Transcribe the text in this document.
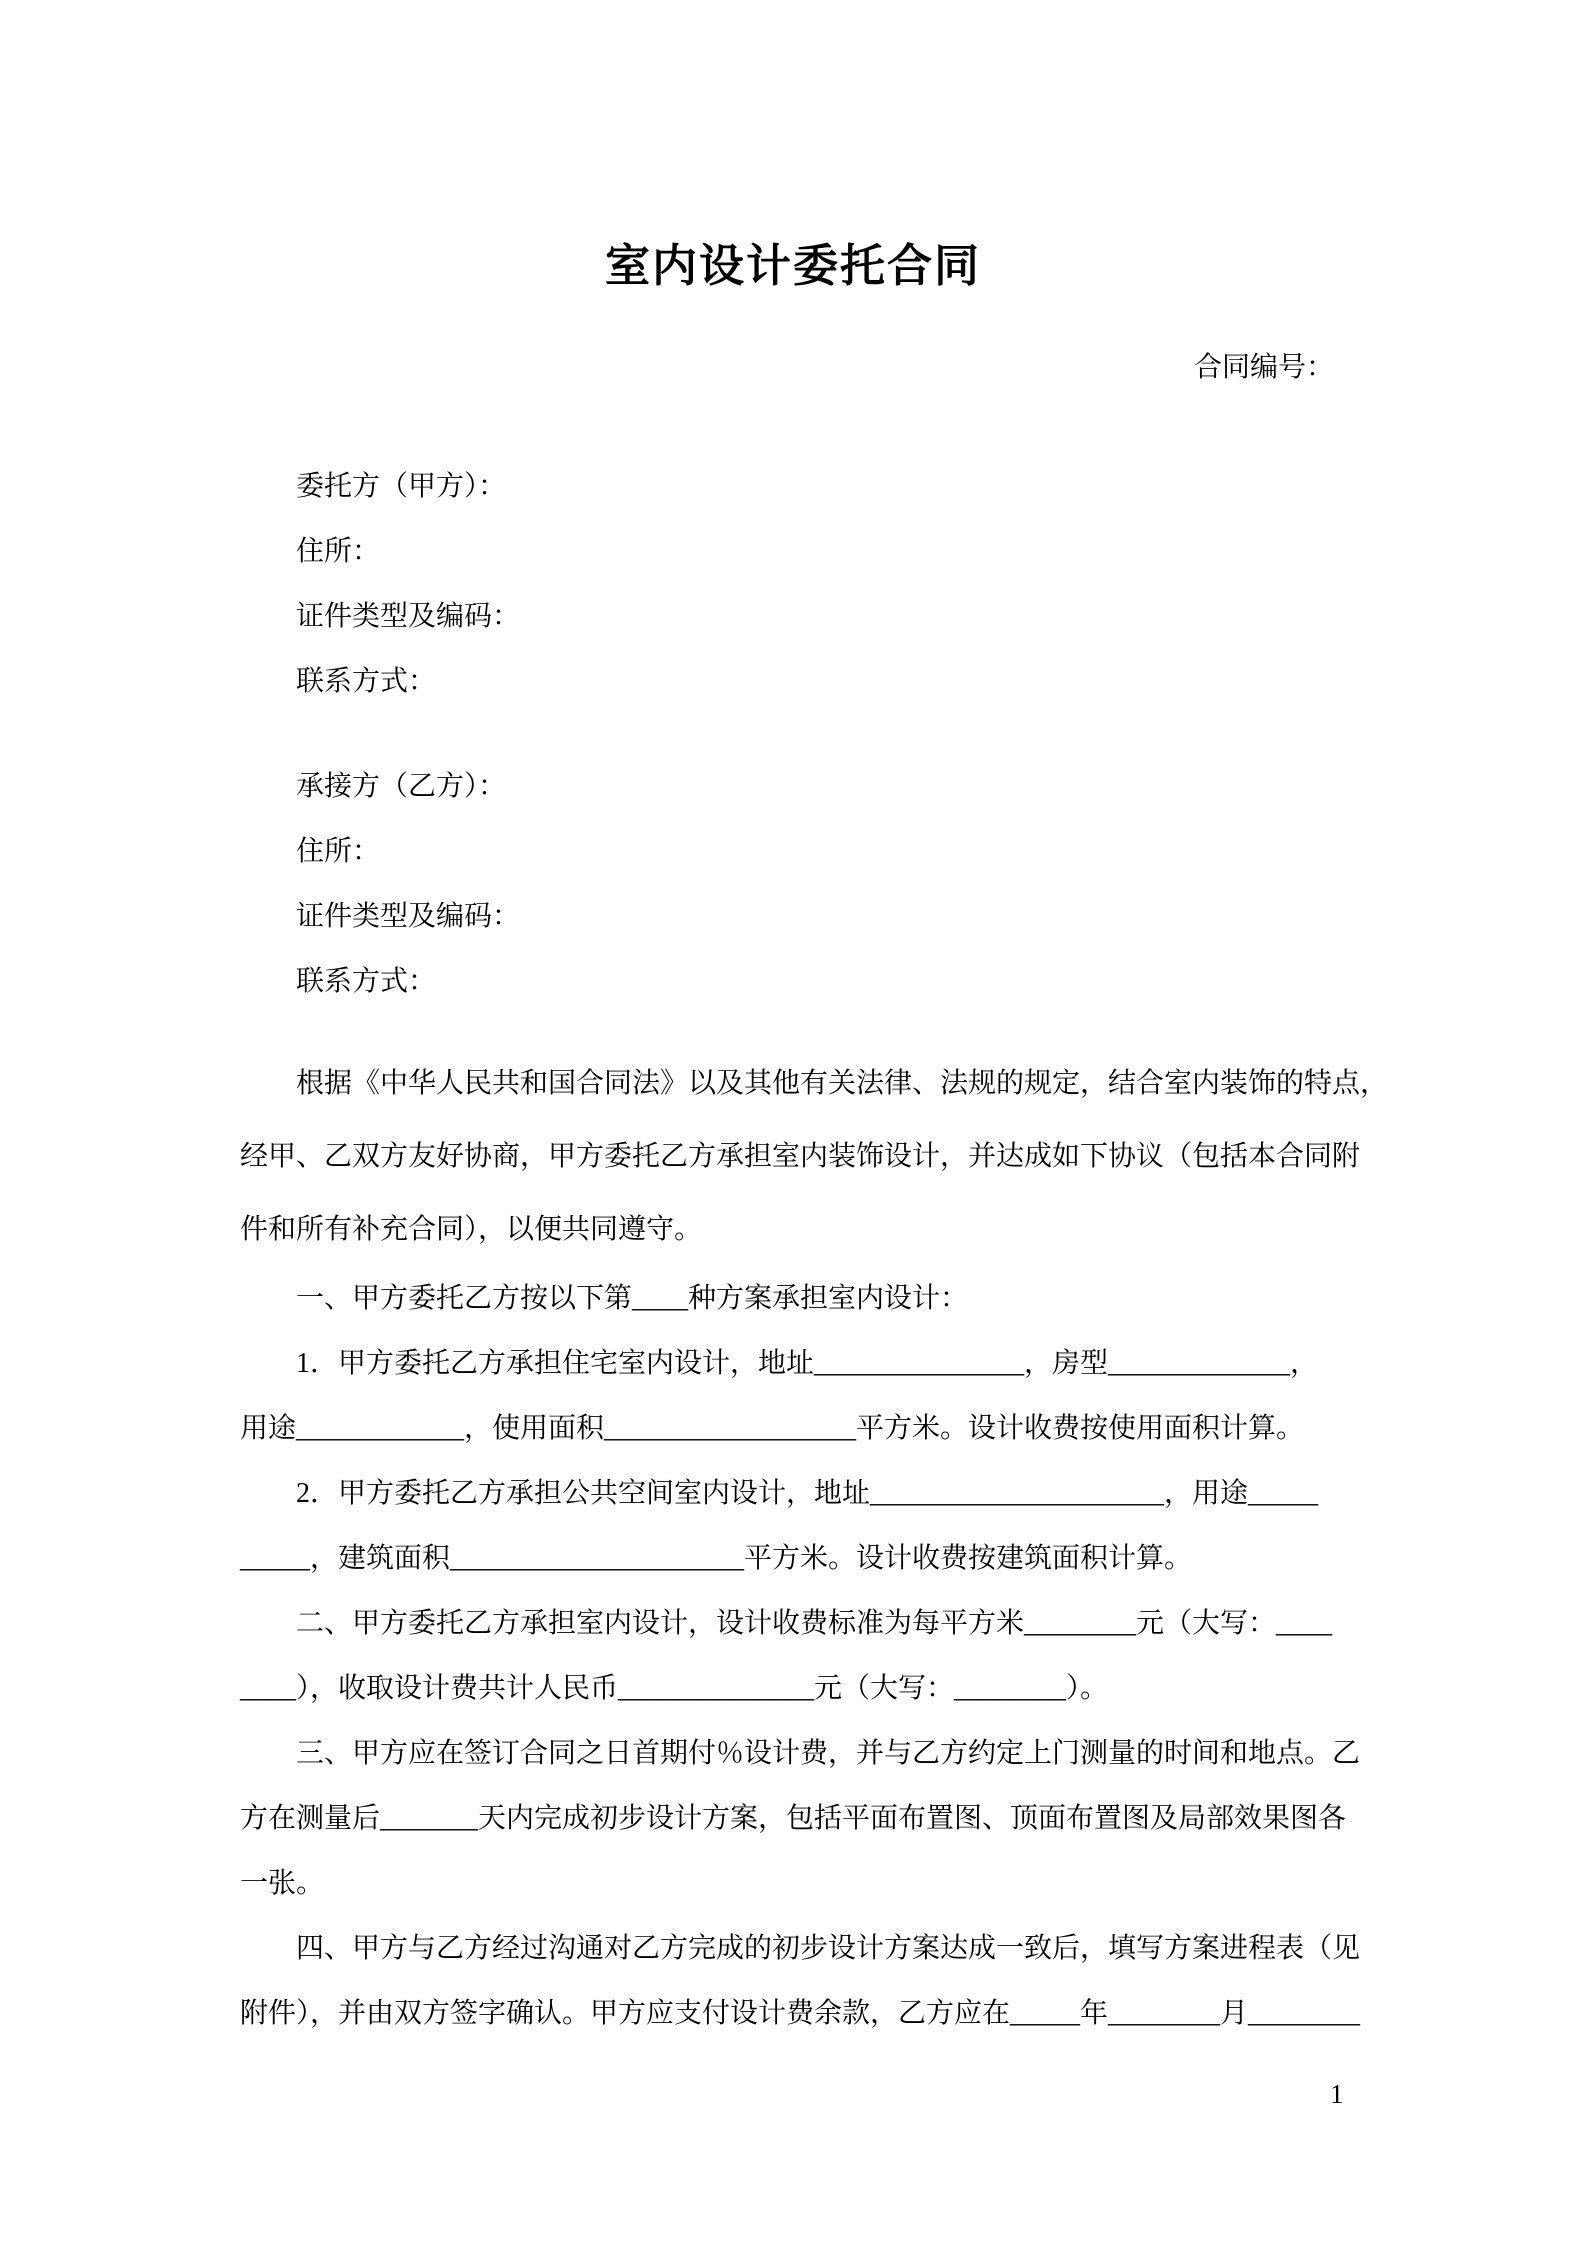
室内设计委托合同
合同编号：
委托方（甲方）：
住所：
证件类型及编码：
联系方式：
承接方（乙方）：
住所：
证件类型及编码：
联系方式：
根据《中华人民共和国合同法》以及其他有关法律、法规的规定，结合室内装饰的特点，
经甲、乙双方友好协商，甲方委托乙方承担室内装饰设计，并达成如下协议（包括本合同附
件和所有补充合同），以便共同遵守。
一、甲方委托乙方按以下第____种方案承担室内设计：
1．甲方委托乙方承担住宅室内设计，地址_______________，房型_____________，
用途____________，使用面积__________________平方米。设计收费按使用面积计算。
2．甲方委托乙方承担公共空间室内设计，地址_____________________，用途_____
_____，建筑面积_____________________平方米。设计收费按建筑面积计算。
二、甲方委托乙方承担室内设计，设计收费标准为每平方米________元（大写：____
____），收取设计费共计人民币______________元（大写：________）。
三、甲方应在签订合同之日首期付％设计费，并与乙方约定上门测量的时间和地点。乙
方在测量后_______天内完成初步设计方案，包括平面布置图、顶面布置图及局部效果图各
一张。
四、甲方与乙方经过沟通对乙方完成的初步设计方案达成一致后，填写方案进程表（见
附件），并由双方签字确认。甲方应支付设计费余款，乙方应在_____年________月________
1
